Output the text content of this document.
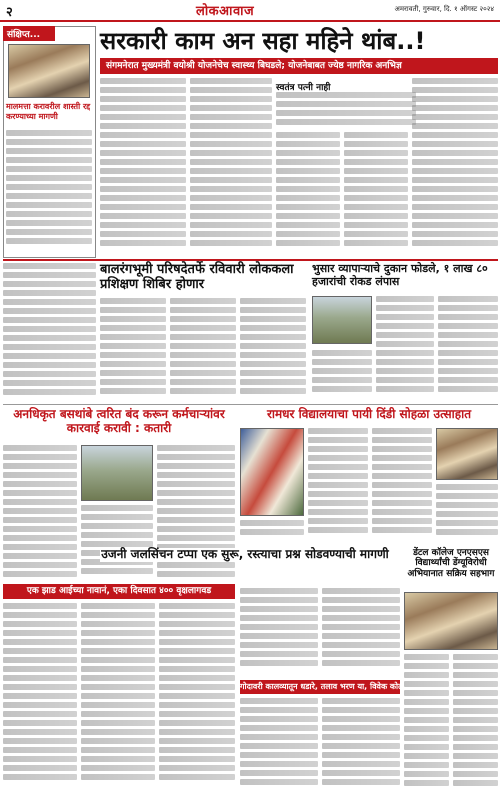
२	लोकआवाज	अमरावती, गुरुवार, दि. १ ऑगस्ट २०२४
संक्षिप्त...
मालमत्ता करावरील शास्ती रद्द करण्याच्या मागणी
सरकारी काम अन सहा महिने थांब..!
संगमनेरात मुख्यमंत्री वयोश्री योजनेचेच स्वास्थ्य बिघडले; योजनेबाबत ज्येष्ठ नागरिक अनभिज्ञ
स्वतंत्र पत्नी नाही
बालरंगभूमी परिषदेतर्फे रविवारी लोककला प्रशिक्षण शिबिर होणार
भुसार व्यापाऱ्याचे दुकान फोडले, १ लाख ८० हजारांची रोकड लंपास
अनधिकृत बसथांबे त्वरित बंद करून कर्मचाऱ्यांवर कारवाई करावी : कतारी
रामधर विद्यालयाचा पायी दिंडी सोहळा उत्साहात
एक झाड आईच्या नावानं, एका दिवसात ४०० वृक्षलागवड
उजनी जलसिंचन टप्पा एक सुरू, रस्त्याचा प्रश्न सोडवण्याची मागणी
गोदावरी कालव्यातून धडारे, तलाव भरण या, विवेक कोल्हेंची मागणी
डेंटल कॉलेज एनएसएस विद्यार्थ्यांची डेंग्यूविरोधी अभियानात सक्रिय सहभाग
